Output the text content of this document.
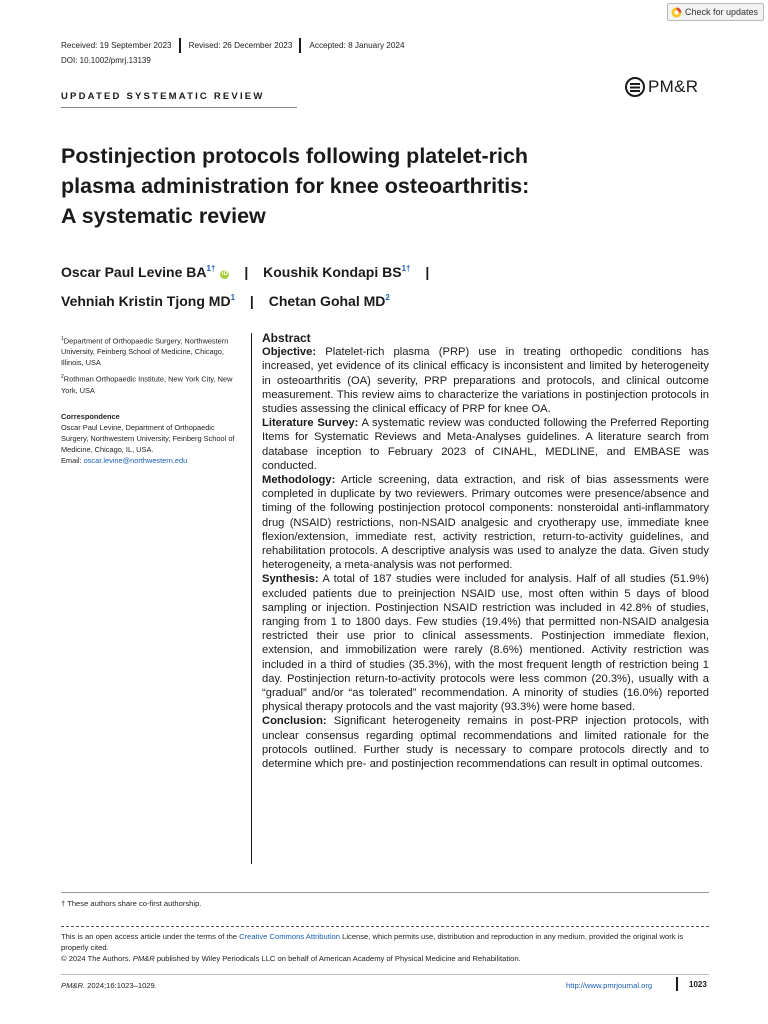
Check for updates
Received: 19 September 2023	Revised: 26 December 2023	Accepted: 8 January 2024
DOI: 10.1002/pmrj.13139
UPDATED SYSTEMATIC REVIEW
PM&R
Postinjection protocols following platelet-rich
plasma administration for knee osteoarthritis:
A systematic review
Oscar Paul Levine $BA^{1\dagger}iD$ | Koushik Kondapi $BS^{1\dagger}$ |
Vehniah Kristin Tjong $MD^1$ | Chetan Gohal $MD^2$

$^1$Department of Orthopaedic Surgery, Northwestern University, Feinberg School of Medicine, Chicago, Illinois, USA

$^2$Rothman Orthopaedic Institute, New York City, New York, USA

Correspondence
Oscar Paul Levine, Department of Orthopaedic Surgery, Northwestern University, Feinberg School of Medicine, Chicago, IL, USA.
Email: oscar.levine@northwestern.edu
Abstract

Objective: Platelet-rich plasma (PRP) use in treating orthopedic conditions has increased, yet evidence of its clinical efficacy is inconsistent and limited by heterogeneity in osteoarthritis (OA) severity, PRP preparations and protocols, and clinical outcome measurement. This review aims to characterize the variations in postinjection protocols in studies assessing the clinical efficacy of PRP for knee OA.

Literature Survey: A systematic review was conducted following the Preferred Reporting Items for Systematic Reviews and Meta-Analyses guidelines. A literature search from database inception to February 2023 of CINAHL, MEDLINE, and EMBASE was conducted.

Methodology: Article screening, data extraction, and risk of bias assessments were completed in duplicate by two reviewers. Primary outcomes were presence/absence and timing of the following postinjection protocol components: nonsteroidal anti-inflammatory drug (NSAID) restrictions, non-NSAID analgesic and cryotherapy use, immediate knee flexion/extension, immediate rest, activity restriction, return-to-activity guidelines, and rehabilitation protocols. A descriptive analysis was used to analyze the data. Given study heterogeneity, a meta-analysis was not performed.

Synthesis: A total of 187 studies were included for analysis. Half of all studies (51.9%) excluded patients due to preinjection NSAID use, most often within 5 days of blood sampling or injection. Postinjection NSAID restriction was included in 42.8% of studies, ranging from 1 to 1800 days. Few studies (19.4%) that permitted non-NSAID analgesia restricted their use prior to clinical assessments. Postinjection immediate flexion, extension, and immobilization were rarely (8.6%) mentioned. Activity restriction was included in a third of studies (35.3%), with the most frequent length of restriction being 1 day. Postinjection return-to-activity protocols were less common (20.3%), usually with a “gradual” and/or “as tolerated” recommendation. A minority of studies (16.0%) reported physical therapy protocols and the vast majority (93.3%) were home based.

Conclusion: Significant heterogeneity remains in post-PRP injection protocols, with unclear consensus regarding optimal recommendations and limited rationale for the protocols outlined. Further study is necessary to compare protocols directly and to determine which pre- and postinjection recommendations can result in optimal outcomes.

† These authors share co-first authorship.
This is an open access article under the terms of the Creative Commons Attribution License, which permits use, distribution and reproduction in any medium, provided the original work is properly cited.
© 2024 The Authors. PM&R published by Wiley Periodicals LLC on behalf of American Academy of Physical Medicine and Rehabilitation.
PM&R. 2024;16:1023–1029.	http://www.pmrjournal.org	1023
